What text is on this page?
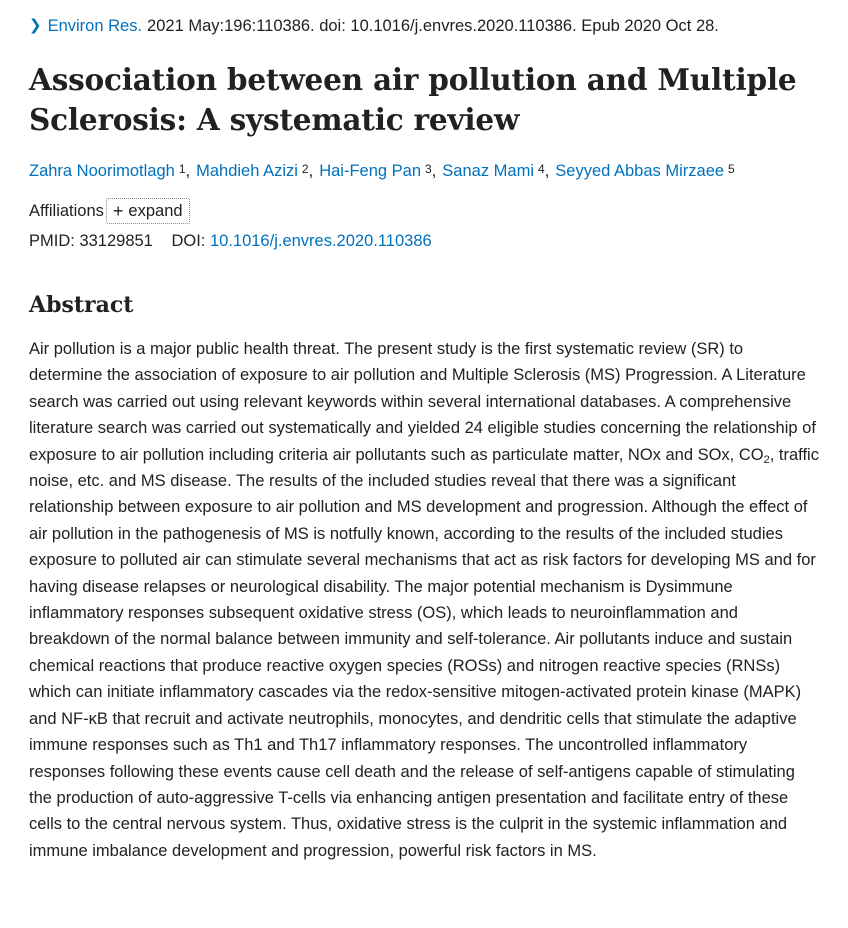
❯ Environ Res. 2021 May:196:110386. doi: 10.1016/j.envres.2020.110386. Epub 2020 Oct 28.
Association between air pollution and Multiple Sclerosis: A systematic review
Zahra Noorimotlagh $^1$, Mahdieh Azizi $^2$, Hai-Feng Pan $^3$, Sanaz Mami $^4$, Seyyed Abbas Mirzaee $^5$
Affiliations + expand
PMID: 33129851 DOI: 10.1016/j.envres.2020.110386
Abstract

Air pollution is a major public health threat. The present study is the first systematic review (SR) to determine the association of exposure to air pollution and Multiple Sclerosis (MS) Progression. A Literature search was carried out using relevant keywords within several international databases. A comprehensive literature search was carried out systematically and yielded 24 eligible studies concerning the relationship of exposure to air pollution including criteria air pollutants such as particulate matter, NOx and SOx, $CO_2$, traffic noise, etc. and MS disease. The results of the included studies reveal that there was a significant relationship between exposure to air pollution and MS development and progression. Although the effect of air pollution in the pathogenesis of MS is notfully known, according to the results of the included studies exposure to polluted air can stimulate several mechanisms that act as risk factors for developing MS and for having disease relapses or neurological disability. The major potential mechanism is Dysimmune inflammatory responses subsequent oxidative stress (OS), which leads to neuroinflammation and breakdown of the normal balance between immunity and self-tolerance. Air pollutants induce and sustain chemical reactions that produce reactive oxygen species (ROSs) and nitrogen reactive species (RNSs) which can initiate inflammatory cascades via the redox-sensitive mitogen-activated protein kinase (MAPK) and NF-κB that recruit and activate neutrophils, monocytes, and dendritic cells that stimulate the adaptive immune responses such as Th1 and Th17 inflammatory responses. The uncontrolled inflammatory responses following these events cause cell death and the release of self-antigens capable of stimulating the production of auto-aggressive T-cells via enhancing antigen presentation and facilitate entry of these cells to the central nervous system. Thus, oxidative stress is the culprit in the systemic inflammation and immune imbalance development and progression, powerful risk factors in MS.
